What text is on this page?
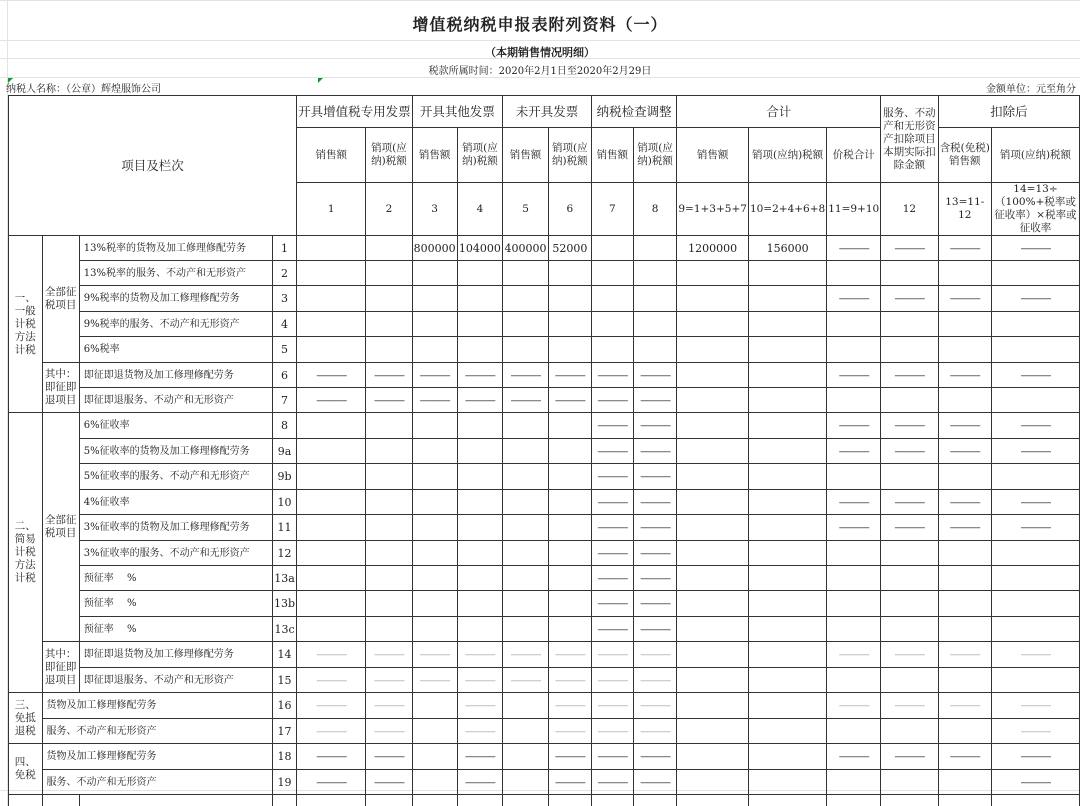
增值税纳税申报表附列资料（一）
（本期销售情况明细）
税款所属时间：2020年2月1日至2020年2月29日
纳税人名称：（公章）辉煌服饰公司	金额单位：元至角分
项目及栏次				开具增值税专用发票		开具其他发票		未开具发票		纳税检查调整		合计			服务、不动产和无形资产扣除项目本期实际扣除金额	扣除后	
				销售额	销项(应纳)税额	销售额	销项(应纳)税额	销售额	销项(应纳)税额	销售额	销项(应纳)税额	销售额	销项(应纳)税额	价税合计		含税(免税)销售额	销项(应纳)税额
				1	2	3	4	5	6	7	8	9=1+3+5+7	10=2+4+6+8	11=9+10	12	13=11-12	14=13÷（100%+税率或征收率）×税率或征收率
一、一般计税方法计税	全部征税项目	13%税率的货物及加工修理修配劳务	1			800000	104000	400000	52000			1200000	156000	———	———	———	———
		13%税率的服务、不动产和无形资产	2														
		9%税率的货物及加工修理修配劳务	3											———	———	———	———
		9%税率的服务、不动产和无形资产	4														
		6%税率	5														
	其中：即征即退项目	即征即退货物及加工修理修配劳务	6	———	———	———	———	———	———	———	———			———	———	———	———
		即征即退服务、不动产和无形资产	7	———	———	———	———	———	———	———	———						
二、简易计税方法计税	全部征税项目	6%征收率	8							———	———			———	———	———	———
		5%征收率的货物及加工修理修配劳务	9a							———	———			———	———	———	———
		5%征收率的服务、不动产和无形资产	9b							———	———						
		4%征收率	10							———	———			———	———	———	———
		3%征收率的货物及加工修理修配劳务	11							———	———			———	———	———	———
		3%征收率的服务、不动产和无形资产	12							———	———						
		预征率　 %	13a							———	———						
		预征率　 %	13b							———	———						
		预征率　 %	13c							———	———						
	其中：即征即退项目	即征即退货物及加工修理修配劳务	14	———	———	———	———	———	———	———	———			———	———	———	———
		即征即退服务、不动产和无形资产	15	———	———	———	———	———	———	———	———						
三、免抵退税	货物及加工修理修配劳务		16	———	———		———		———	———	———			———	———	———	———
	服务、不动产和无形资产		17	———	———		———		———	———	———						———
四、免税	货物及加工修理修配劳务		18	———	———		———		———	———	———			———	———	———	———
	服务、不动产和无形资产		19	———	———		———		———	———	———						———
